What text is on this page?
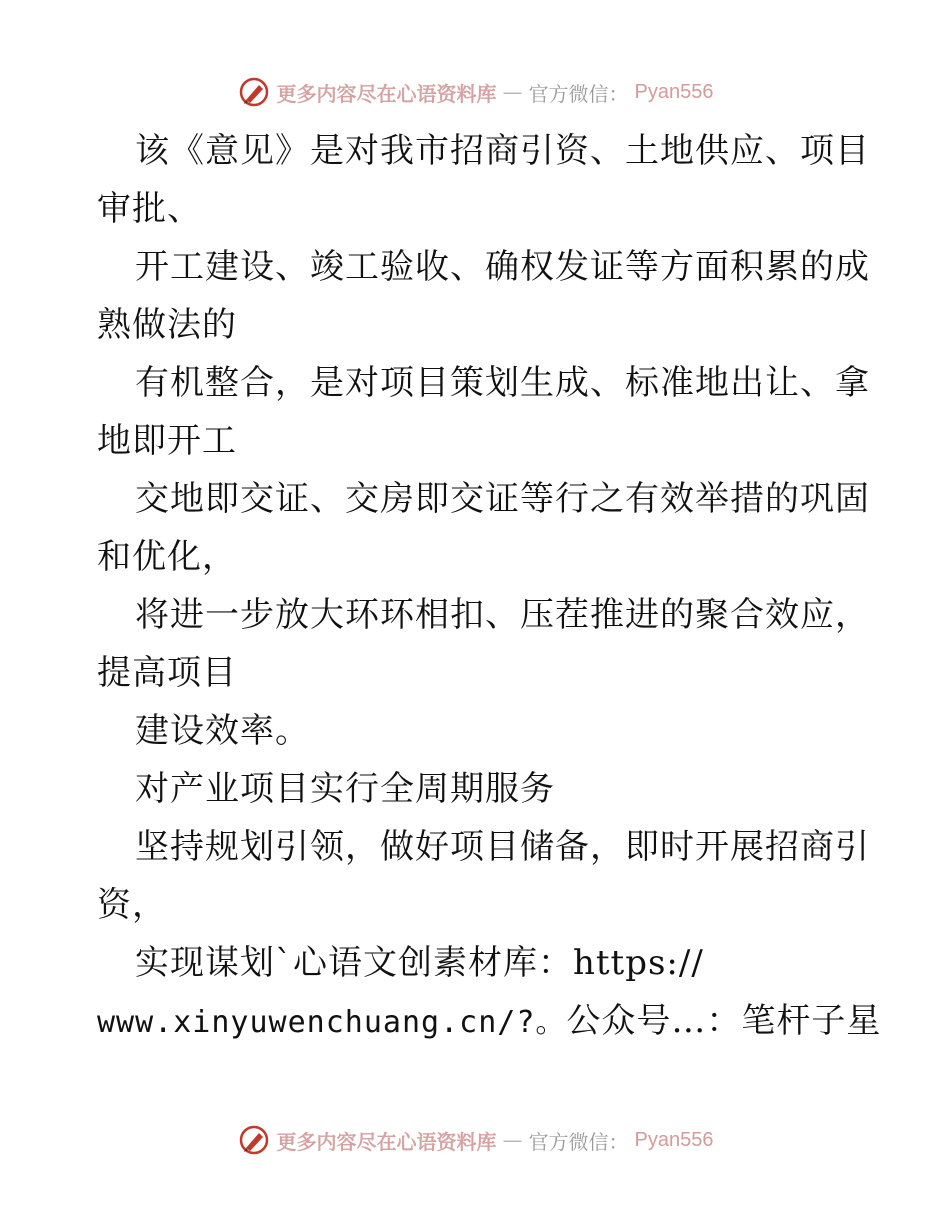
更多内容尽在心语资料库 — 官方微信： Pyan556
该《意见》是对我市招商引资、土地供应、项目
审批、
开工建设、竣工验收、确权发证等方面积累的成
熟做法的
有机整合，是对项目策划生成、标准地出让、拿
地即开工
交地即交证、交房即交证等行之有效举措的巩固
和优化，
将进一步放大环环相扣、压茬推进的聚合效应，
提高项目
建设效率。
对产业项目实行全周期服务
坚持规划引领，做好项目储备，即时开展招商引
资，
实现谋划`心语文创素材库：https://
www.xinyuwenchuang.cn/?。公众号…：笔杆子星
更多内容尽在心语资料库 — 官方微信： Pyan556
